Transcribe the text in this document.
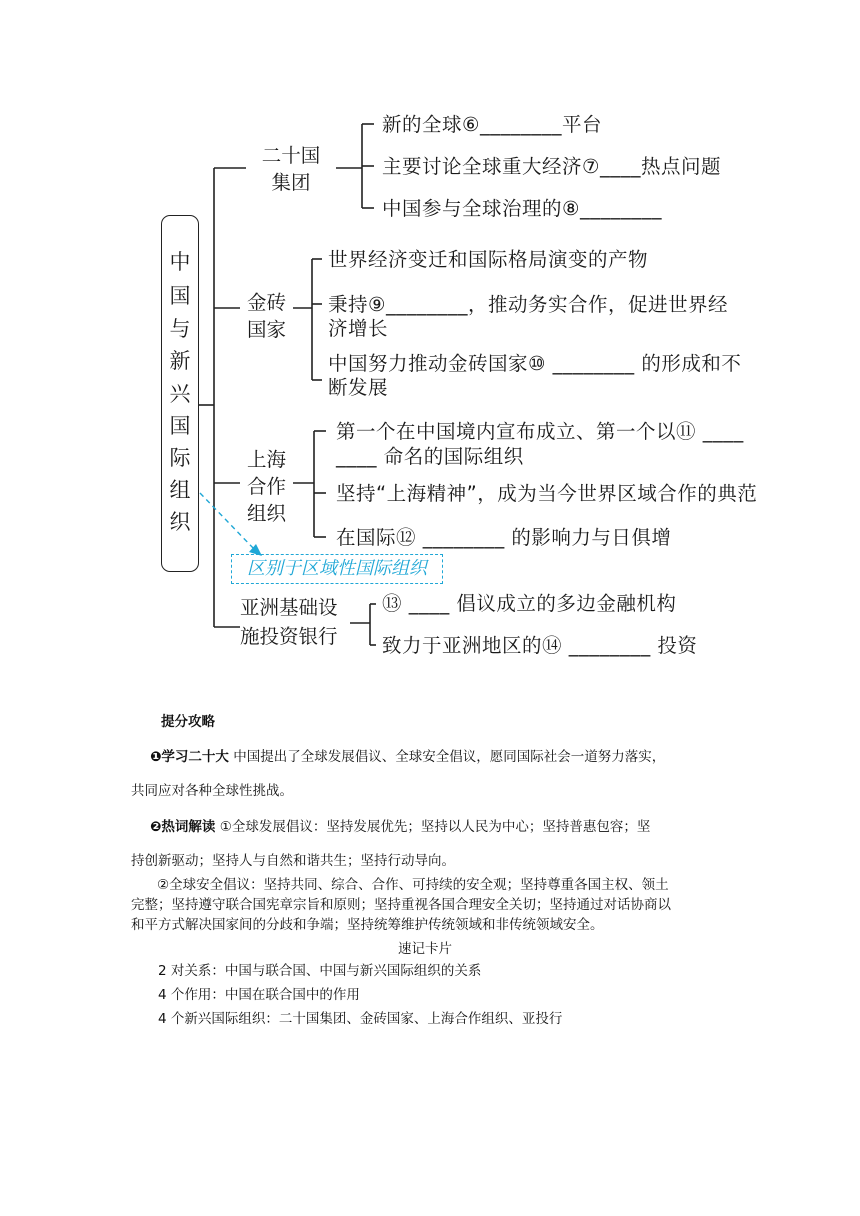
中
国
与
新
兴
国
际
组
织
二十国
集团
新的全球⑥________平台
主要讨论全球重大经济⑦____热点问题
中国参与全球治理的⑧________
金砖
国家
世界经济变迁和国际格局演变的产物
秉持⑨________，推动务实合作，促进世界经
济增长
中国努力推动金砖国家⑩ ________ 的形成和不
断发展
上海
合作
组织
第一个在中国境内宣布成立、第一个以⑪ ____
____ 命名的国际组织
坚持“上海精神”，成为当今世界区域合作的典范
在国际⑫ ________ 的影响力与日俱增
区别于区域性国际组织
亚洲基础设
施投资银行
⑬ ____ 倡议成立的多边金融机构
致力于亚洲地区的⑭ ________ 投资
提分攻略
❶学习二十大 中国提出了全球发展倡议、全球安全倡议，愿同国际社会一道努力落实，
共同应对各种全球性挑战。
❷热词解读 ①全球发展倡议：坚持发展优先；坚持以人民为中心；坚持普惠包容；坚
持创新驱动；坚持人与自然和谐共生；坚持行动导向。
②全球安全倡议：坚持共同、综合、合作、可持续的安全观；坚持尊重各国主权、领土
完整；坚持遵守联合国宪章宗旨和原则；坚持重视各国合理安全关切；坚持通过对话协商以
和平方式解决国家间的分歧和争端；坚持统筹维护传统领域和非传统领域安全。
速记卡片
2 对关系：中国与联合国、中国与新兴国际组织的关系
4 个作用：中国在联合国中的作用
4 个新兴国际组织：二十国集团、金砖国家、上海合作组织、亚投行
